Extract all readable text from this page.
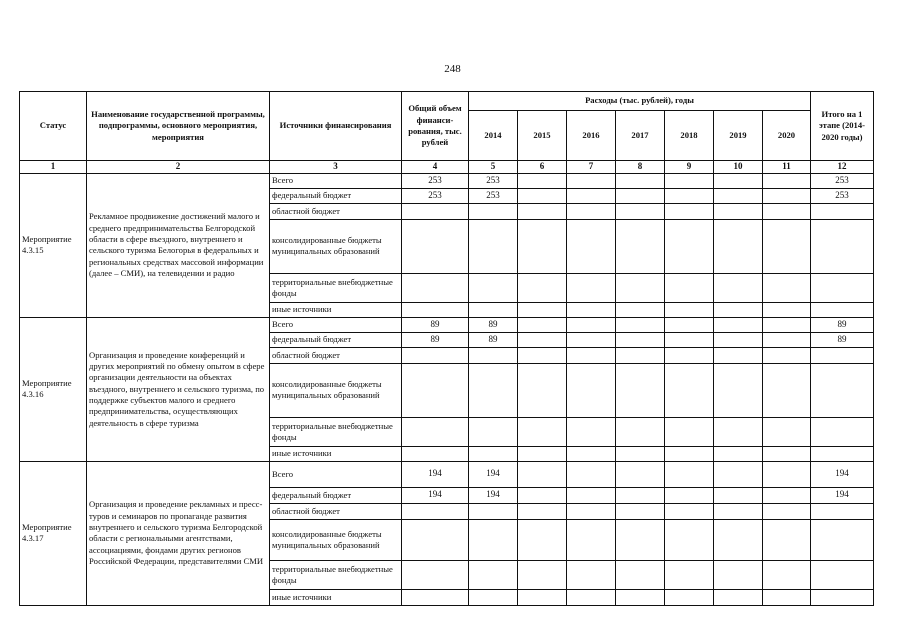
248
Статус	Наименование государственной программы, подпрограммы, основного мероприятия, мероприятия	Источники финансирования	Общий объем финанси-рования, тыс. рублей	Расходы (тыс. рублей), годы							Итого на 1 этапе (2014-2020 годы)
				2014	2015	2016	2017	2018	2019	2020	
1	2	3	4	5	6	7	8	9	10	11	12
Мероприятие 4.3.15	Рекламное продвижение достижений малого и среднего предпринимательства Белгородской области в сфере въездного, внутреннего и сельского туризма Белогорья в федеральных и региональных средствах массовой информации (далее – СМИ), на телевидении и радио	Всего	253	253							253
		федеральный бюджет	253	253							253
		областной бюджет									
		консолидированные бюджеты муниципальных образований									
		территориальные внебюджетные фонды									
		иные источники									
Мероприятие 4.3.16	Организация и проведение конференций и других мероприятий по обмену опытом в сфере организации деятельности на объектах въездного, внутреннего и сельского туризма, по поддержке субъектов малого и среднего предпринимательства, осуществляющих деятельность в сфере туризма	Всего	89	89							89
		федеральный бюджет	89	89							89
		областной бюджет									
		консолидированные бюджеты муниципальных образований									
		территориальные внебюджетные фонды									
		иные источники									
Мероприятие 4.3.17	Организация и проведение рекламных и пресс-туров и семинаров по пропаганде развития внутреннего и сельского туризма Белгородской области с региональными агентствами, ассоциациями, фондами других регионов Российской Федерации, представителями СМИ	Всего	194	194							194
		федеральный бюджет	194	194							194
		областной бюджет									
		консолидированные бюджеты муниципальных образований									
		территориальные внебюджетные фонды									
		иные источники									
